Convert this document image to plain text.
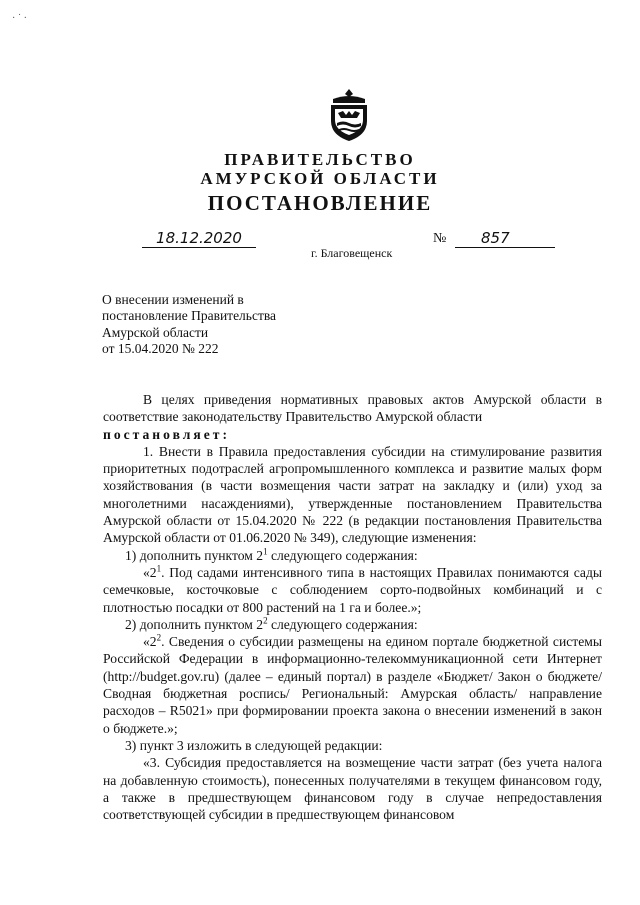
· ˙ ·
ПРАВИТЕЛЬСТВО
АМУРСКОЙ ОБЛАСТИ
ПОСТАНОВЛЕНИЕ
18.12.2020	№	857
г. Благовещенск
О внесении изменений в
постановление Правительства
Амурской области
от 15.04.2020 № 222

В целях приведения нормативных правовых актов Амурской области в соответствие законодательству Правительство Амурской области

постановляет:

1. Внести в Правила предоставления субсидии на стимулирование развития приоритетных подотраслей агропромышленного комплекса и развитие малых форм хозяйствования (в части возмещения части затрат на закладку и (или) уход за многолетними насаждениями), утвержденные постановлением Правительства Амурской области от 15.04.2020 № 222 (в редакции постановления Правительства Амурской области от 01.06.2020 № 349), следующие изменения:

1) дополнить пунктом $2^1$ следующего содержания:

«$2^1$. Под садами интенсивного типа в настоящих Правилах понимаются сады семечковые, косточковые с соблюдением сорто-подвойных комбинаций и с плотностью посадки от 800 растений на 1 га и более.»;

2) дополнить пунктом $2^2$ следующего содержания:

«$2^2$. Сведения о субсидии размещены на едином портале бюджетной системы Российской Федерации в информационно-телекоммуникационной сети Интернет (http://budget.gov.ru) (далее – единый портал) в разделе «Бюджет/ Закон о бюджете/ Сводная бюджетная роспись/ Региональный: Амурская область/ направление расходов – R5021» при формировании проекта закона о внесении изменений в закон о бюджете.»;

3) пункт 3 изложить в следующей редакции:

«3. Субсидия предоставляется на возмещение части затрат (без учета налога на добавленную стоимость), понесенных получателями в текущем финансовом году, а также в предшествующем финансовом году в случае непредоставления соответствующей субсидии в предшествующем финансовом
